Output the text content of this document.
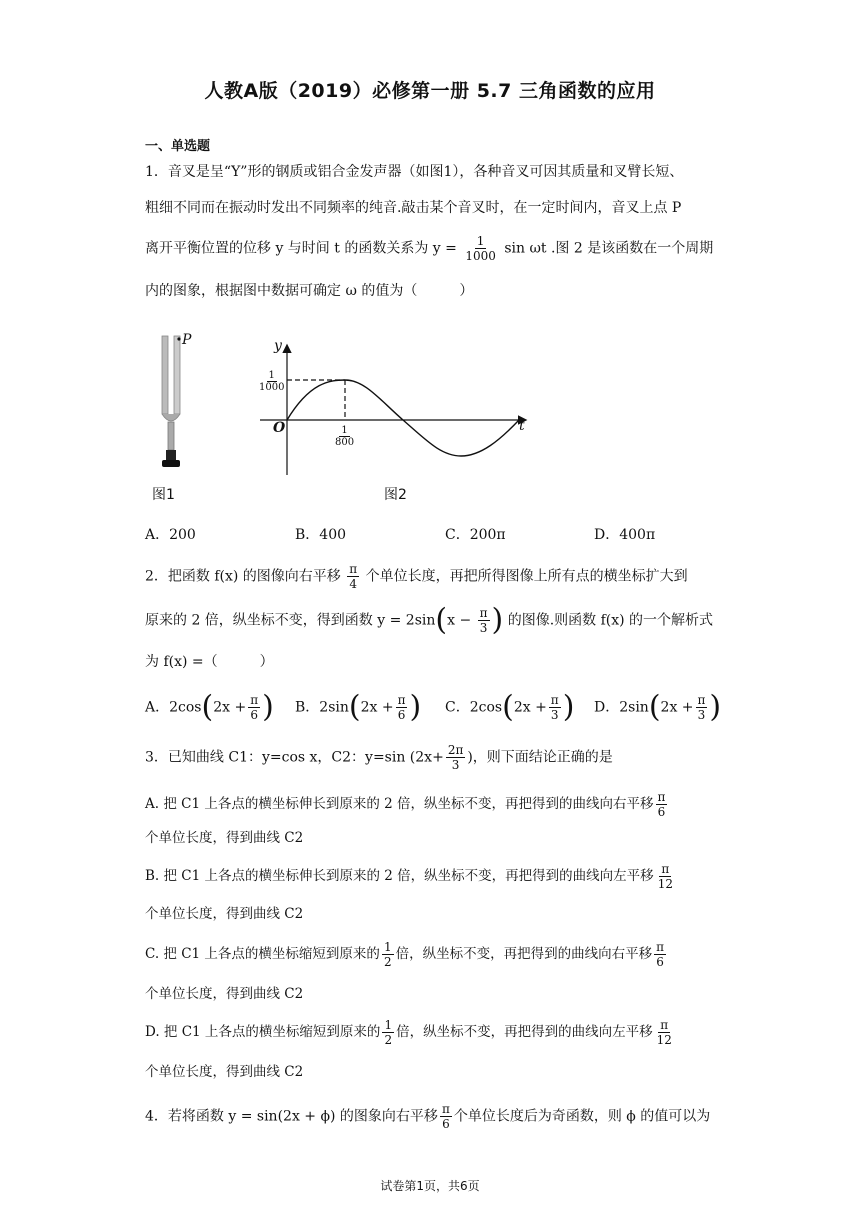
人教A版（2019）必修第一册 5.7 三角函数的应用
一、单选题
1．音叉是呈“Y”形的钢质或铝合金发声器（如图1），各种音叉可因其质量和叉臂长短、
粗细不同而在振动时发出不同频率的纯音.敲击某个音叉时，在一定时间内，音叉上点 P
离开平衡位置的位移 y 与时间 t 的函数关系为 $y = \frac{1}{1000}$ sin ωt .图 2 是该函数在一个周期
内的图象，根据图中数据可确定 ω 的值为（　　　）
P
图1
y
t
O
$\frac{1}{1000}$
$\frac{1}{800}$
图2
A．200	B．400	C．200π	D．400π
2．把函数 f(x) 的图像向右平移 $\frac{\pi}{4}$ 个单位长度，再把所得图像上所有点的横坐标扩大到
原来的 2 倍，纵坐标不变，得到函数 $y = 2\sin(x - \frac{\pi}{3}$ ) 的图像.则函数 f(x) 的一个解析式
为 f(x) =（　　　）
A．$2\cos(2x + \frac{\pi}{6}$ ) B．$2\sin(2x + \frac{\pi}{6}$ ) C．$2\cos(2x + \frac{\pi}{3}$ ) D．$2\sin(2x + \frac{\pi}{3}$ )
3．已知曲线 C1：y=cos x，C2：y=sin ($2x+ \frac{2\pi}{3}$ )，则下面结论正确的是
A. 把 C1 上各点的横坐标伸长到原来的 2 倍，纵坐标不变，再把得到的曲线向右平移 $\frac{\pi}{6}$
个单位长度，得到曲线 C2
B. 把 C1 上各点的横坐标伸长到原来的 2 倍，纵坐标不变，再把得到的曲线向左平移 $\frac{\pi}{12}$
个单位长度，得到曲线 C2
C. 把 C1 上各点的横坐标缩短到原来的 $\frac{1}{2}$ 倍，纵坐标不变，再把得到的曲线向右平移 $\frac{\pi}{6}$
个单位长度，得到曲线 C2
D. 把 C1 上各点的横坐标缩短到原来的 $\frac{1}{2}$ 倍，纵坐标不变，再把得到的曲线向左平移 $\frac{\pi}{12}$
个单位长度，得到曲线 C2
4．若将函数 y = sin(2x + ϕ) 的图象向右平移 $\frac{\pi}{6}$ 个单位长度后为奇函数，则 ϕ 的值可以为
试卷第1页，共6页
